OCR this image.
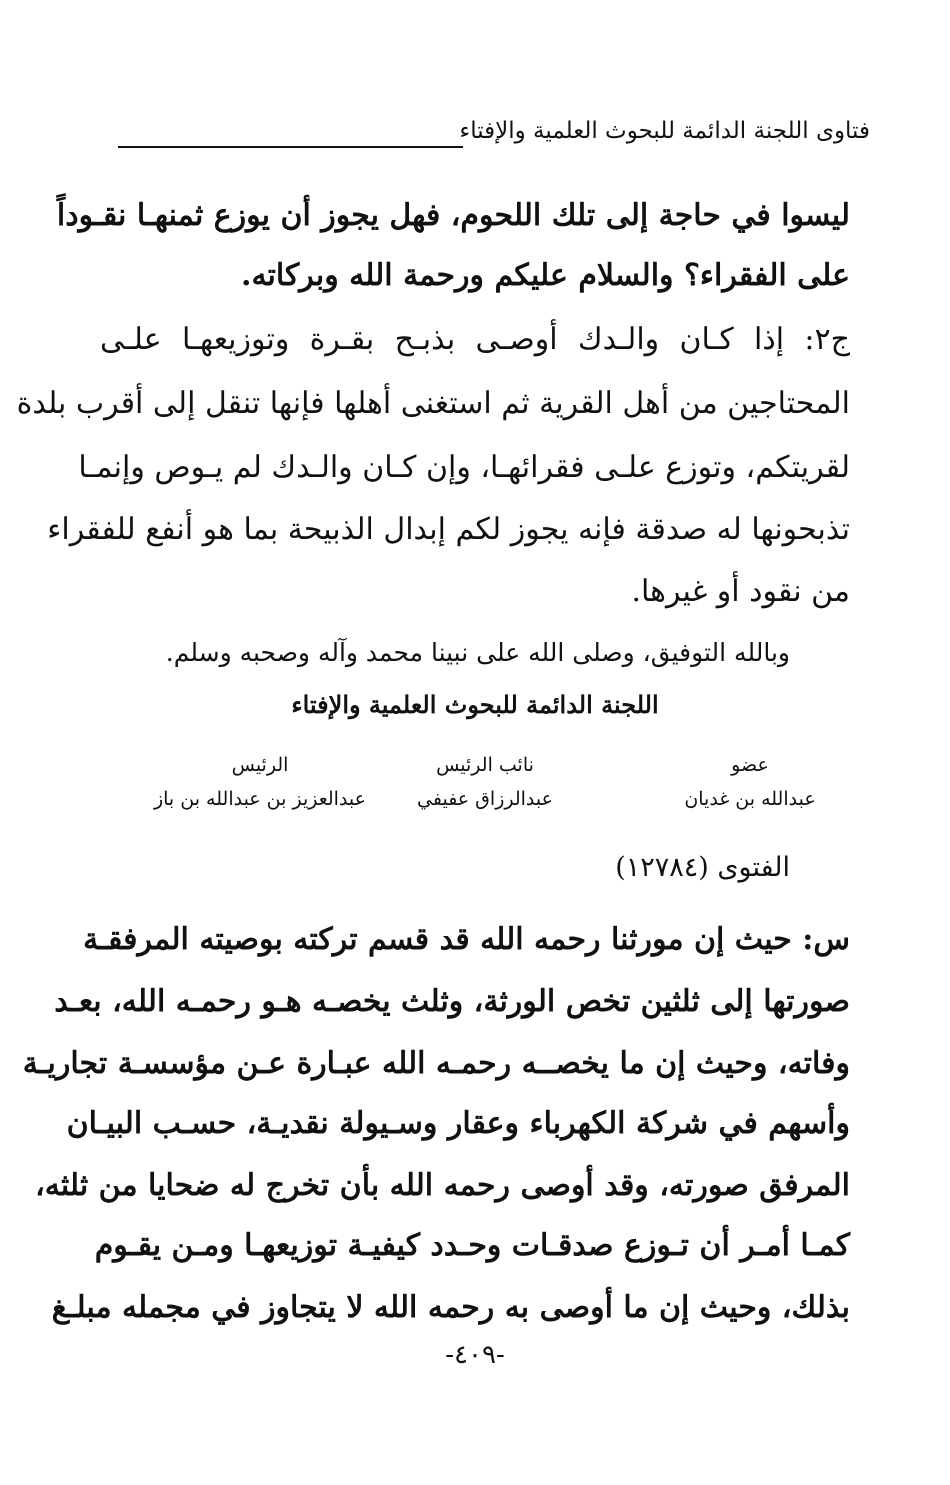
فتاوى اللجنة الدائمة للبحوث العلمية والإفتاء
ليسوا في حاجة إلى تلك اللحوم، فهل يجوز أن يوزع ثمنهـا نقـوداً
على الفقراء؟ والسلام عليكم ورحمة الله وبركاته.
ج٢: إذا كـان والـدك أوصـى بذبـح بقـرة وتوزيعهـا علـى
المحتاجين من أهل القرية ثم استغنى أهلها فإنها تنقل إلى أقرب بلدة
لقريتكم، وتوزع علـى فقرائهـا، وإن كـان والـدك لم يـوص وإنمـا
تذبحونها له صدقة فإنه يجوز لكم إبدال الذبيحة بما هو أنفع للفقراء
من نقود أو غيرها.
وبالله التوفيق، وصلى الله على نبينا محمد وآله وصحبه وسلم.
اللجنة الدائمة للبحوث العلمية والإفتاء
عضو
عبدالله بن غديان
نائب الرئيس
عبدالرزاق عفيفي
الرئيس
عبدالعزيز بن عبدالله بن باز
الفتوى (١٢٧٨٤)
س: حيث إن مورثنا رحمه الله قد قسم تركته بوصيته المرفقـة
صورتها إلى ثلثين تخص الورثة، وثلث يخصـه هـو رحمـه الله، بعـد
وفاته، وحيث إن ما يخصــه رحمـه الله عبـارة عـن مؤسسـة تجاريـة
وأسهم في شركة الكهرباء وعقار وسـيولة نقديـة، حسـب البيـان
المرفق صورته، وقد أوصى رحمه الله بأن تخرج له ضحايا من ثلثه،
كمـا أمـر أن تـوزع صدقـات وحـدد كيفيـة توزيعهـا ومـن يقـوم
بذلك، وحيث إن ما أوصى به رحمه الله لا يتجاوز في مجمله مبلـغ
-٤٠٩-
